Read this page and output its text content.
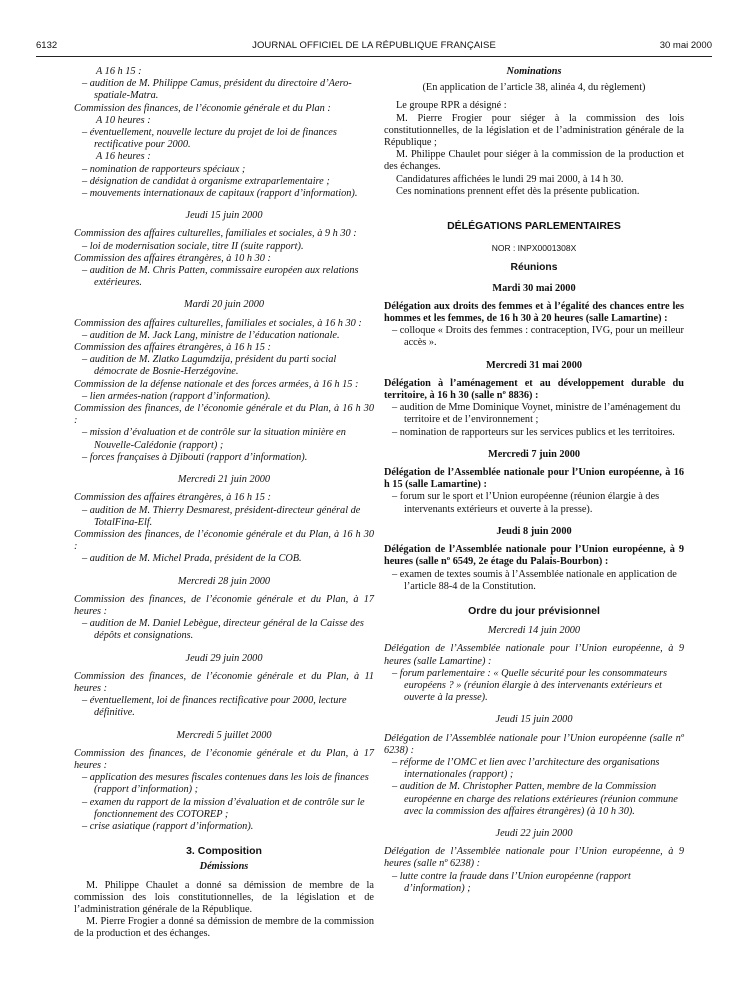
6132	JOURNAL OFFICIEL DE LA RÉPUBLIQUE FRANÇAISE	30 mai 2000

A 16 h 15 :

– audition de M. Philippe Camus, président du directoire d’Aero-spatiale-Matra.

Commission des finances, de l’économie générale et du Plan :

A 10 heures :

– éventuellement, nouvelle lecture du projet de loi de finances rectificative pour 2000.

A 16 heures :

– nomination de rapporteurs spéciaux ;

– désignation de candidat à organisme extraparlementaire ;

– mouvements internationaux de capitaux (rapport d’information).

Jeudi 15 juin 2000

Commission des affaires culturelles, familiales et sociales, à 9 h 30 :

– loi de modernisation sociale, titre II (suite rapport).

Commission des affaires étrangères, à 10 h 30 :

– audition de M. Chris Patten, commissaire européen aux relations extérieures.

Mardi 20 juin 2000

Commission des affaires culturelles, familiales et sociales, à 16 h 30 :

– audition de M. Jack Lang, ministre de l’éducation nationale.

Commission des affaires étrangères, à 16 h 15 :

– audition de M. Zlatko Lagumdzija, président du parti social démocrate de Bosnie-Herzégovine.

Commission de la défense nationale et des forces armées, à 16 h 15 :

– lien armées-nation (rapport d’information).

Commission des finances, de l’économie générale et du Plan, à 16 h 30 :

– mission d’évaluation et de contrôle sur la situation minière en Nouvelle-Calédonie (rapport) ;

– forces françaises à Djibouti (rapport d’information).

Mercredi 21 juin 2000

Commission des affaires étrangères, à 16 h 15 :

– audition de M. Thierry Desmarest, président-directeur général de TotalFina-Elf.

Commission des finances, de l’économie générale et du Plan, à 16 h 30 :

– audition de M. Michel Prada, président de la COB.

Mercredi 28 juin 2000

Commission des finances, de l’économie générale et du Plan, à 17 heures :

– audition de M. Daniel Lebègue, directeur général de la Caisse des dépôts et consignations.

Jeudi 29 juin 2000

Commission des finances, de l’économie générale et du Plan, à 11 heures :

– éventuellement, loi de finances rectificative pour 2000, lecture définitive.

Mercredi 5 juillet 2000

Commission des finances, de l’économie générale et du Plan, à 17 heures :

– application des mesures fiscales contenues dans les lois de finances (rapport d’information) ;

– examen du rapport de la mission d’évaluation et de contrôle sur le fonctionnement des COTOREP ;

– crise asiatique (rapport d’information).

3. Composition

Démissions

M. Philippe Chaulet a donné sa démission de membre de la commission des lois constitutionnelles, de la législation et de l’administration générale de la République.

M. Pierre Frogier a donné sa démission de membre de la commission de la production et des échanges.

Nominations

(En application de l’article 38, alinéa 4, du règlement)

Le groupe RPR a désigné :

M. Pierre Frogier pour siéger à la commission des lois constitutionnelles, de la législation et de l’administration générale de la République ;

M. Philippe Chaulet pour siéger à la commission de la production et des échanges.

Candidatures affichées le lundi 29 mai 2000, à 14 h 30.

Ces nominations prennent effet dès la présente publication.

DÉLÉGATIONS PARLEMENTAIRES

NOR : INPX0001308X

Réunions

Mardi 30 mai 2000

Délégation aux droits des femmes et à l’égalité des chances entre les hommes et les femmes, de 16 h 30 à 20 heures (salle Lamartine) :

– colloque « Droits des femmes : contraception, IVG, pour un meilleur accès ».

Mercredi 31 mai 2000

Délégation à l’aménagement et au développement durable du territoire, à 16 h 30 (salle nº 8836) :

– audition de Mme Dominique Voynet, ministre de l’aménagement du territoire et de l’environnement ;

– nomination de rapporteurs sur les services publics et les territoires.

Mercredi 7 juin 2000

Délégation de l’Assemblée nationale pour l’Union européenne, à 16 h 15 (salle Lamartine) :

– forum sur le sport et l’Union européenne (réunion élargie à des intervenants extérieurs et ouverte à la presse).

Jeudi 8 juin 2000

Délégation de l’Assemblée nationale pour l’Union européenne, à 9 heures (salle nº 6549, 2e étage du Palais-Bourbon) :

– examen de textes soumis à l’Assemblée nationale en application de l’article 88-4 de la Constitution.

Ordre du jour prévisionnel

Mercredi 14 juin 2000

Délégation de l’Assemblée nationale pour l’Union européenne, à 9 heures (salle Lamartine) :

– forum parlementaire : « Quelle sécurité pour les consommateurs européens ? » (réunion élargie à des intervenants extérieurs et ouverte à la presse).

Jeudi 15 juin 2000

Délégation de l’Assemblée nationale pour l’Union européenne (salle nº 6238) :

– réforme de l’OMC et lien avec l’architecture des organisations internationales (rapport) ;

– audition de M. Christopher Patten, membre de la Commission européenne en charge des relations extérieures (réunion commune avec la commission des affaires étrangères) (à 10 h 30).

Jeudi 22 juin 2000

Délégation de l’Assemblée nationale pour l’Union européenne, à 9 heures (salle nº 6238) :

– lutte contre la fraude dans l’Union européenne (rapport d’information) ;
